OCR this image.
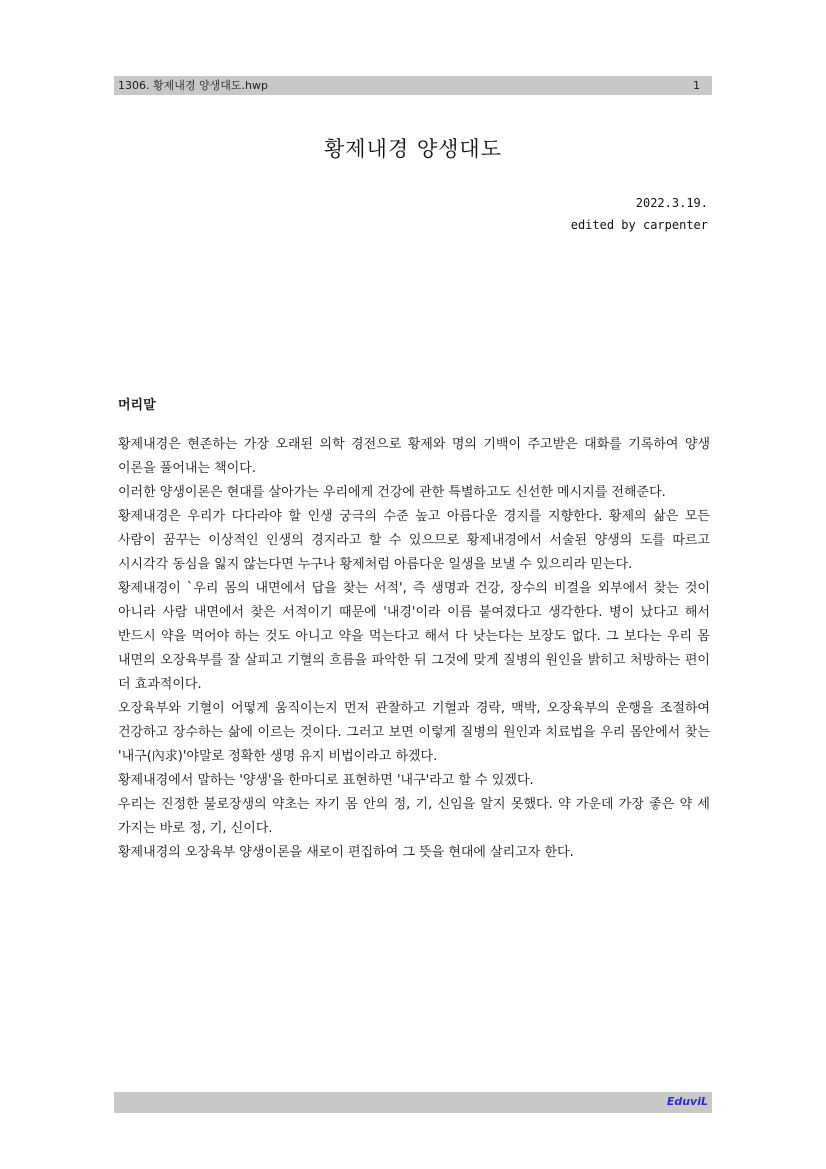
1306. 황제내경 양생대도.hwp	1
황제내경 양생대도
2022.3.19.
edited by carpenter
머리말

황제내경은 현존하는 가장 오래된 의학 경전으로 황제와 명의 기백이 주고받은 대화를 기록하여 양생 이론을 풀어내는 책이다.

이러한 양생이론은 현대를 살아가는 우리에게 건강에 관한 특별하고도 신선한 메시지를 전해준다.

황제내경은 우리가 다다라야 할 인생 궁극의 수준 높고 아름다운 경지를 지향한다. 황제의 삶은 모든 사람이 꿈꾸는 이상적인 인생의 경지라고 할 수 있으므로 황제내경에서 서술된 양생의 도를 따르고 시시각각 동심을 잃지 않는다면 누구나 황제처럼 아름다운 일생을 보낼 수 있으리라 믿는다.

황제내경이 `우리 몸의 내면에서 답을 찾는 서적', 즉 생명과 건강, 장수의 비결을 외부에서 찾는 것이 아니라 사람 내면에서 찾은 서적이기 때문에 '내경'이라 이름 붙여졌다고 생각한다. 병이 났다고 해서 반드시 약을 먹어야 하는 것도 아니고 약을 먹는다고 해서 다 낫는다는 보장도 없다. 그 보다는 우리 몸 내면의 오장육부를 잘 살피고 기혈의 흐름을 파악한 뒤 그것에 맞게 질병의 원인을 밝히고 처방하는 편이 더 효과적이다.

오장육부와 기혈이 어떻게 움직이는지 먼저 관찰하고 기혈과 경락, 맥박, 오장육부의 운행을 조절하여 건강하고 장수하는 삶에 이르는 것이다. 그러고 보면 이렇게 질병의 원인과 치료법을 우리 몸안에서 찾는 '내구(內求)'야말로 정확한 생명 유지 비법이라고 하겠다.

황제내경에서 말하는 '양생'을 한마디로 표현하면 '내구'라고 할 수 있겠다.

우리는 진정한 불로장생의 약초는 자기 몸 안의 정, 기, 신임을 알지 못했다. 약 가운데 가장 좋은 약 세 가지는 바로 정, 기, 신이다.

황제내경의 오장육부 양생이론을 새로이 편집하여 그 뜻을 현대에 살리고자 한다.

EduviL
